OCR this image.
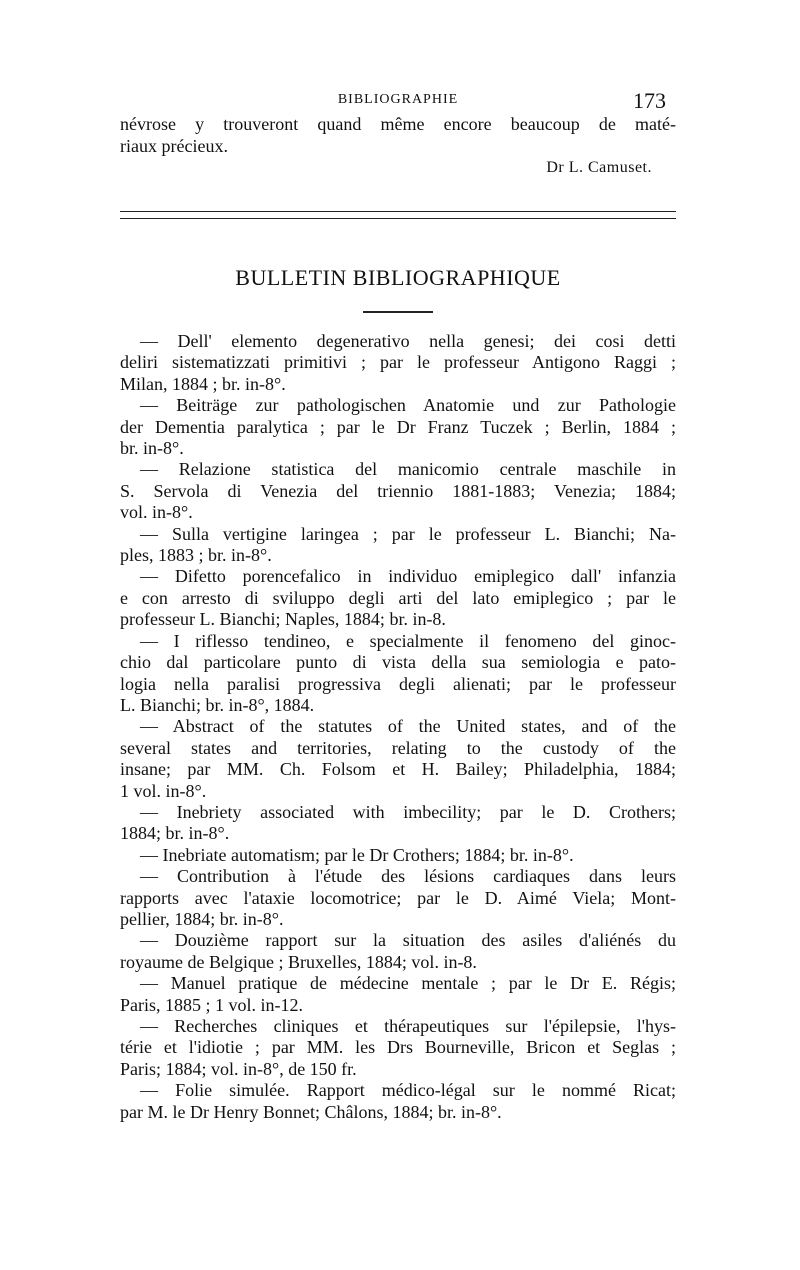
BIBLIOGRAPHIE	173

névrose y trouveront quand même encore beaucoup de maté-
riaux précieux.

Dr L. Camuset.
BULLETIN BIBLIOGRAPHIQUE
— Dell' elemento degenerativo nella genesi; dei cosi detti
deliri sistematizzati primitivi ; par le professeur Antigono Raggi ;
Milan, 1884 ; br. in-8°.
— Beiträge zur pathologischen Anatomie und zur Pathologie
der Dementia paralytica ; par le Dr Franz Tuczek ; Berlin, 1884 ;
br. in-8°.
— Relazione statistica del manicomio centrale maschile in
S. Servola di Venezia del triennio 1881-1883; Venezia; 1884;
vol. in-8°.
— Sulla vertigine laringea ; par le professeur L. Bianchi; Na-
ples, 1883 ; br. in-8°.
— Difetto porencefalico in individuo emiplegico dall' infanzia
e con arresto di sviluppo degli arti del lato emiplegico ; par le
professeur L. Bianchi; Naples, 1884; br. in-8.
— I riflesso tendineo, e specialmente il fenomeno del ginoc-
chio dal particolare punto di vista della sua semiologia e pato-
logia nella paralisi progressiva degli alienati; par le professeur
L. Bianchi; br. in-8°, 1884.
— Abstract of the statutes of the United states, and of the
several states and territories, relating to the custody of the
insane; par MM. Ch. Folsom et H. Bailey; Philadelphia, 1884;
1 vol. in-8°.
— Inebriety associated with imbecility; par le D. Crothers;
1884; br. in-8°.
— Inebriate automatism; par le Dr Crothers; 1884; br. in-8°.
— Contribution à l'étude des lésions cardiaques dans leurs
rapports avec l'ataxie locomotrice; par le D. Aimé Viela; Mont-
pellier, 1884; br. in-8°.
— Douzième rapport sur la situation des asiles d'aliénés du
royaume de Belgique ; Bruxelles, 1884; vol. in-8.
— Manuel pratique de médecine mentale ; par le Dr E. Régis;
Paris, 1885 ; 1 vol. in-12.
— Recherches cliniques et thérapeutiques sur l'épilepsie, l'hys-
térie et l'idiotie ; par MM. les Drs Bourneville, Bricon et Seglas ;
Paris; 1884; vol. in-8°, de 150 fr.
— Folie simulée. Rapport médico-légal sur le nommé Ricat;
par M. le Dr Henry Bonnet; Châlons, 1884; br. in-8°.
